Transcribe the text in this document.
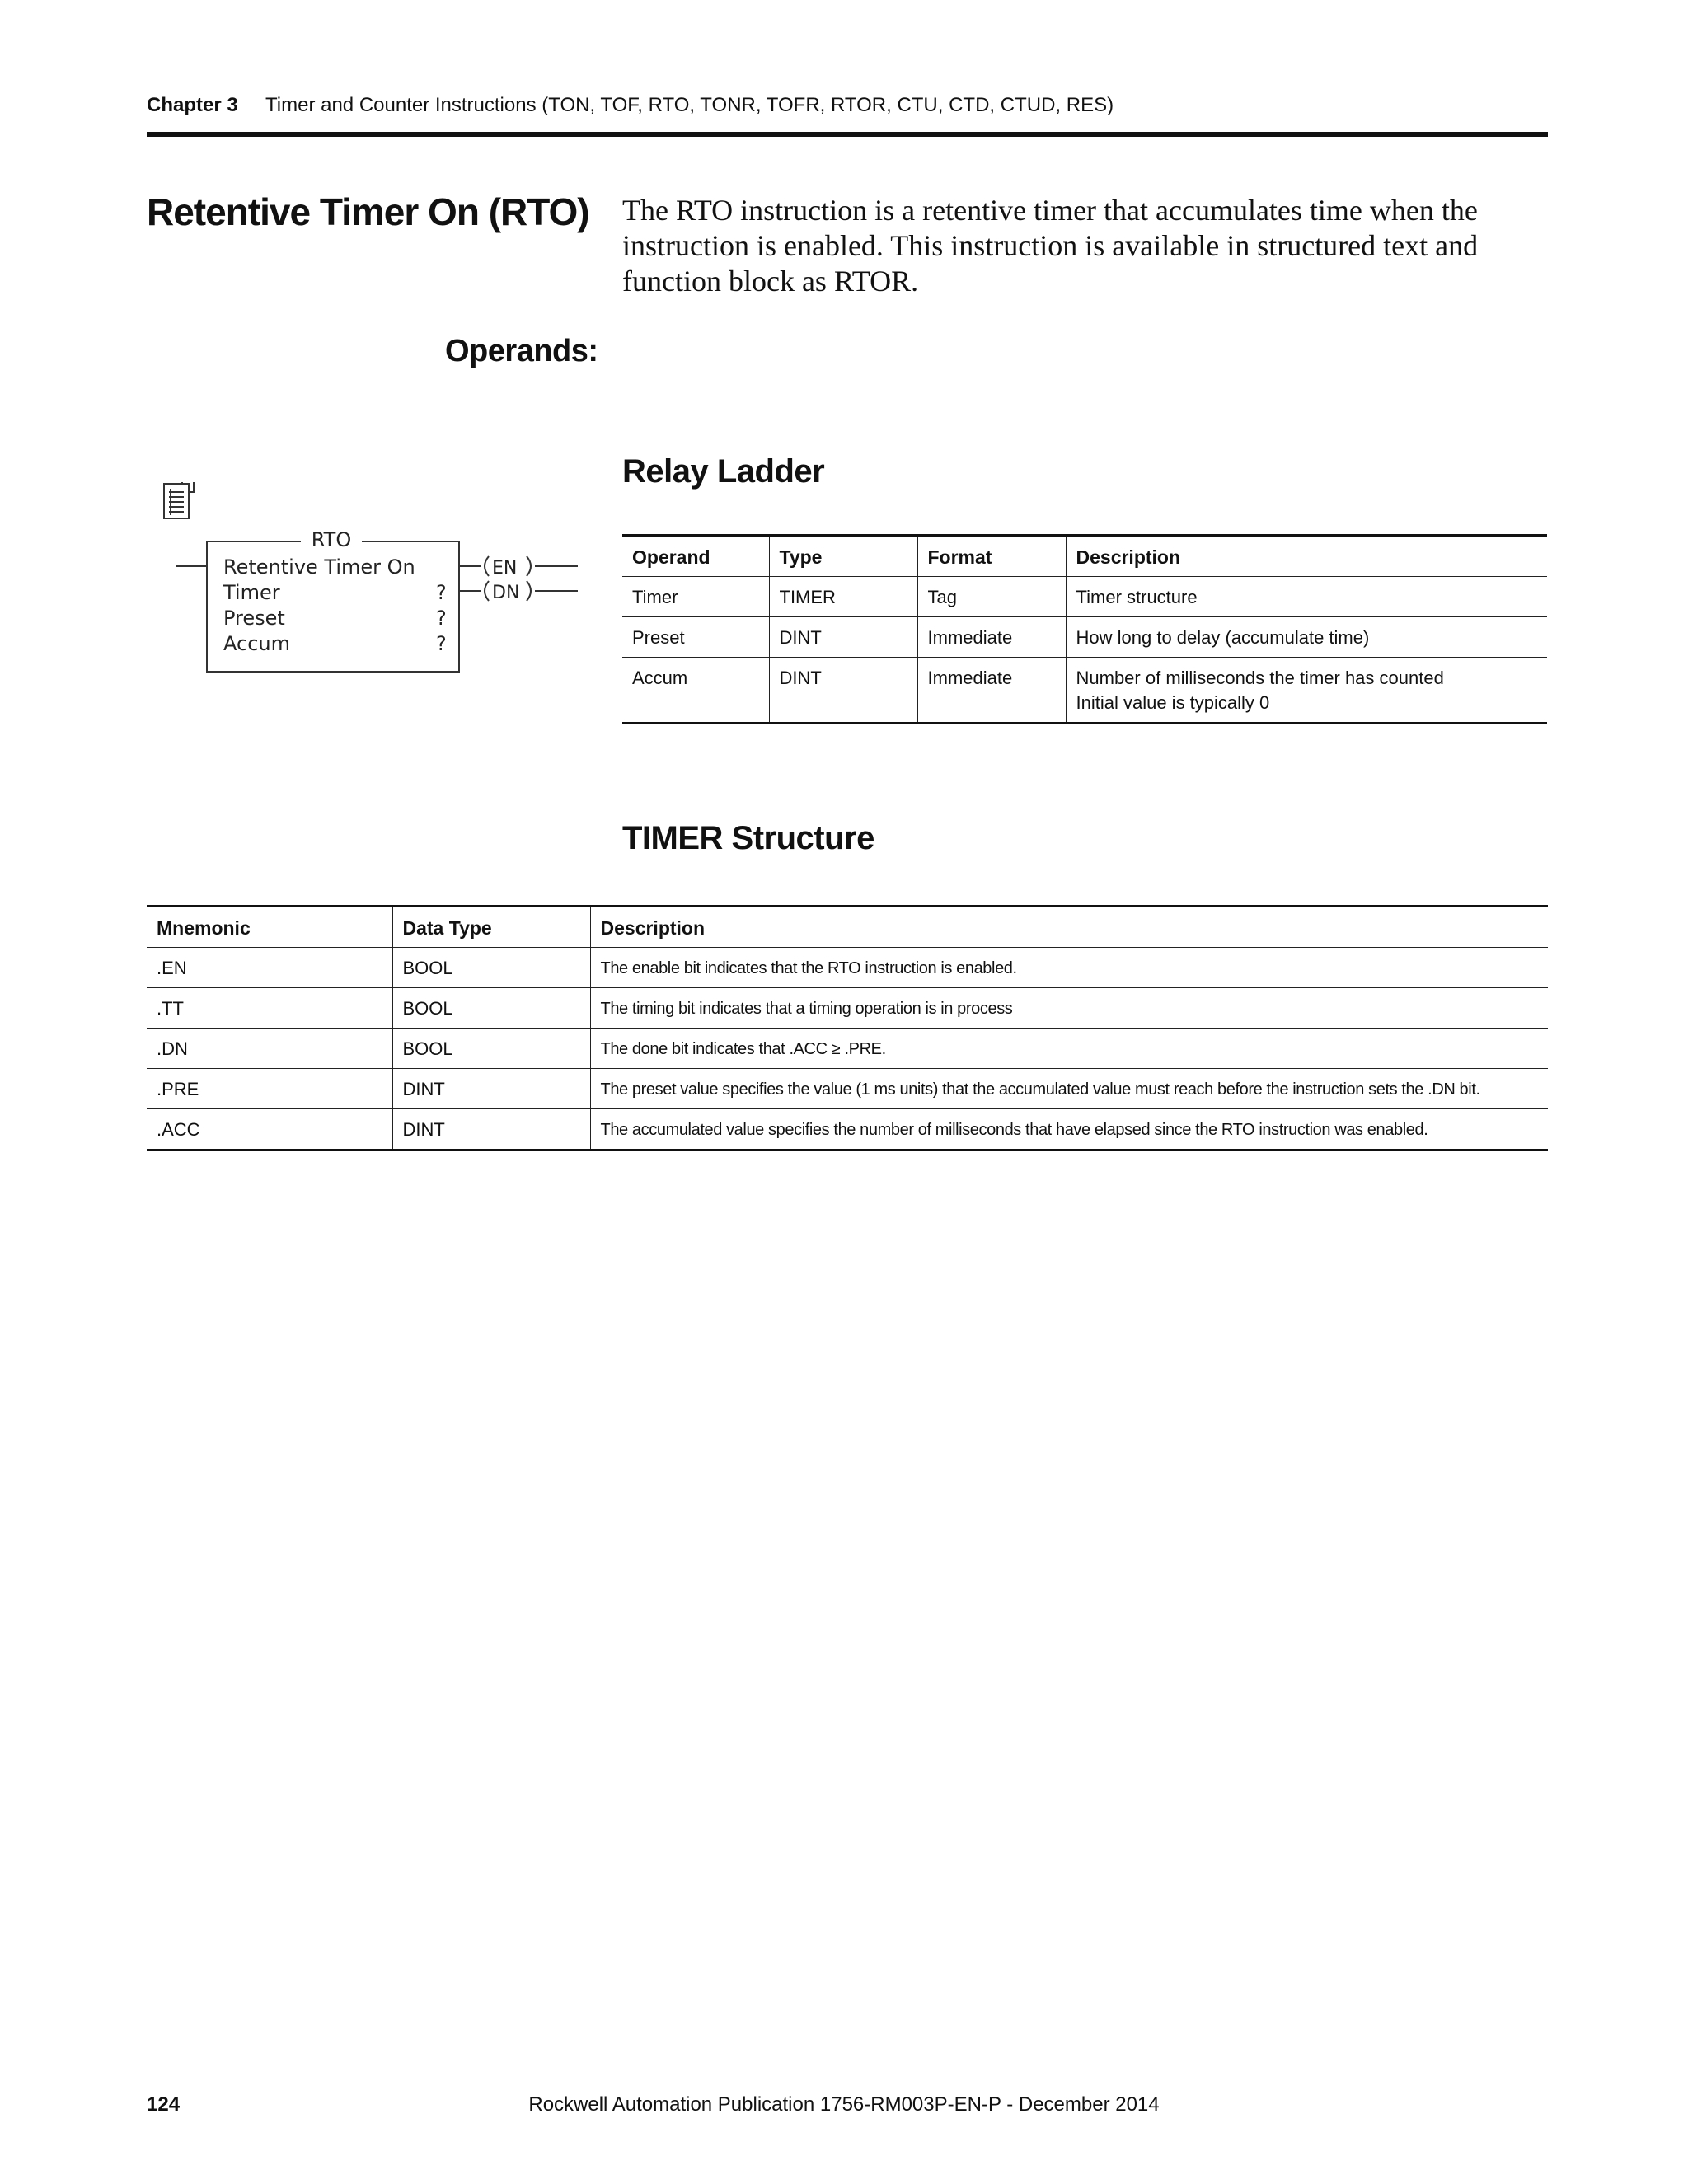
Chapter 3 Timer and Counter Instructions (TON, TOF, RTO, TONR, TOFR, RTOR, CTU, CTD, CTUD, RES)
Retentive Timer On (RTO) The RTO instruction is a retentive timer that accumulates time when the instruction is enabled. This instruction is available in structured text and function block as RTOR.
Operands:
RTO
Retentive Timer On
Timer	?
Preset	?
Accum	?
EN
DN
Relay Ladder
Operand	Type	Format	Description
Timer	TIMER	Tag	Timer structure
Preset	DINT	Immediate	How long to delay (accumulate time)
Accum	DINT	Immediate	Number of milliseconds the timer has counted
Initial value is typically 0
TIMER Structure
Mnemonic	Data Type	Description
.EN	BOOL	The enable bit indicates that the RTO instruction is enabled.

.TT	BOOL	The timing bit indicates that a timing operation is in process

.DN	BOOL	The done bit indicates that .ACC ≥ .PRE.

.PRE	DINT	The preset value specifies the value (1 ms units) that the accumulated value must reach before the instruction sets the .DN bit.

.ACC	DINT	The accumulated value specifies the number of milliseconds that have elapsed since the RTO instruction was enabled.
124	Rockwell Automation Publication 1756-RM003P-EN-P - December 2014
